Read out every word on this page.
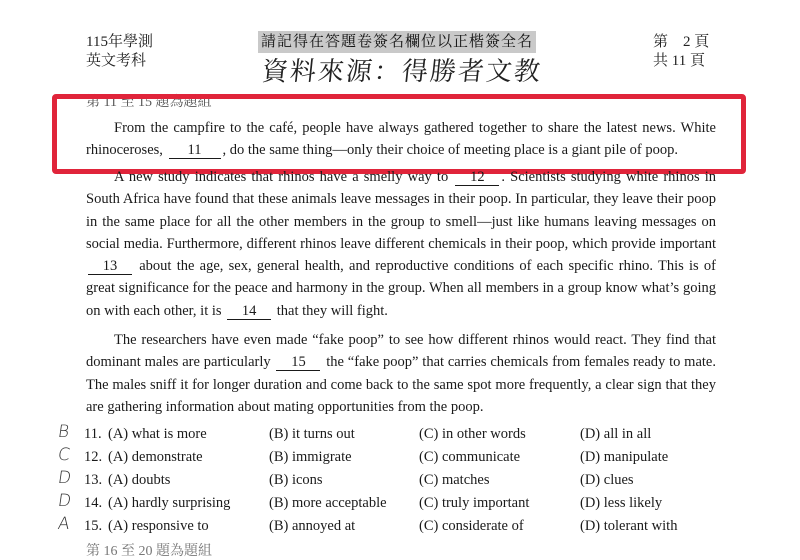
115年學測
英文考科
請記得在答題卷簽名欄位以正楷簽全名
資料來源：得勝者文教
第　2 頁
共 11 頁
第 11 至 15 題為題組
From the campfire to the café, people have always gathered together to share the latest news. White rhinoceroses, 11 , do the same thing—only their choice of meeting place is a giant pile of poop.
A new study indicates that rhinos have a smelly way to 12 . Scientists studying white rhinos in South Africa have found that these animals leave messages in their poop. In particular, they leave their poop in the same place for all the other members in the group to smell—just like humans leaving messages on social media. Furthermore, different rhinos leave different chemicals in their poop, which provide important 13 about the age, sex, general health, and reproductive conditions of each specific rhino. This is of great significance for the peace and harmony in the group. When all members in a group know what’s going on with each other, it is 14 that they will fight.
The researchers have even made “fake poop” to see how different rhinos would react. They find that dominant males are particularly 15 the “fake poop” that carries chemicals from females ready to mate. The males sniff it for longer duration and come back to the same spot more frequently, a clear sign that they are gathering information about mating opportunities from the poop.
B 11. (A) what is more	(B) it turns out	(C) in other words	(D) all in all
C 12. (A) demonstrate	(B) immigrate	(C) communicate	(D) manipulate
D 13. (A) doubts	(B) icons	(C) matches	(D) clues
D 14. (A) hardly surprising	(B) more acceptable (C) truly important	(D) less likely
A 15. (A) responsive to	(B) annoyed at	(C) considerate of	(D) tolerant with
第 16 至 20 題為題組
